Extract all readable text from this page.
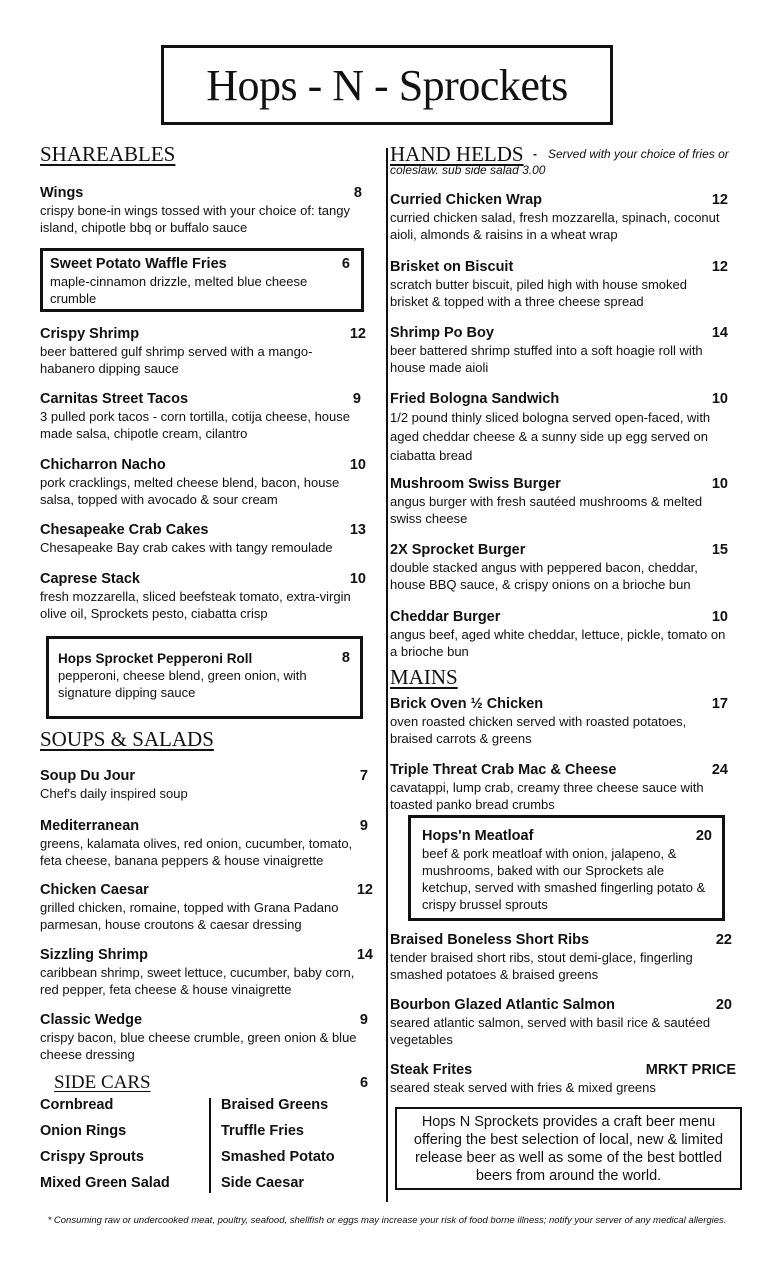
Hops - N - Sprockets
SHAREABLES
Wings	8
crispy bone-in wings tossed with your choice of: tangy island, chipotle bbq or buffalo sauce
Sweet Potato Waffle Fries	6
maple-cinnamon drizzle, melted blue cheese crumble
Crispy Shrimp	12
beer battered gulf shrimp served with a mango-habanero dipping sauce
Carnitas Street Tacos	9
3 pulled pork tacos - corn tortilla, cotija cheese, house made salsa, chipotle cream, cilantro
Chicharron Nacho	10
pork cracklings, melted cheese blend, bacon, house salsa, topped with avocado & sour cream
Chesapeake Crab Cakes	13
Chesapeake Bay crab cakes with tangy remoulade
Caprese Stack	10
fresh mozzarella, sliced beefsteak tomato, extra-virgin olive oil, Sprockets pesto, ciabatta crisp
Hops Sprocket Pepperoni Roll	8
pepperoni, cheese blend, green onion, with signature dipping sauce
SOUPS & SALADS
Soup Du Jour	7
Chef's daily inspired soup
Mediterranean	9
greens, kalamata olives, red onion, cucumber, tomato, feta cheese, banana peppers & house vinaigrette
Chicken Caesar	12
grilled chicken, romaine, topped with Grana Padano parmesan, house croutons & caesar dressing
Sizzling Shrimp	14
caribbean shrimp, sweet lettuce, cucumber, baby corn, red pepper, feta cheese & house vinaigrette
Classic Wedge	9
crispy bacon, blue cheese crumble, green onion & blue cheese dressing
SIDE CARS	6
Cornbread
Onion Rings
Crispy Sprouts
Mixed Green Salad
Braised Greens
Truffle Fries
Smashed Potato
Side Caesar
HAND HELDS - Served with your choice of fries or coleslaw. sub side salad 3.00
Curried Chicken Wrap	12
curried chicken salad, fresh mozzarella, spinach, coconut aioli, almonds & raisins in a wheat wrap
Brisket on Biscuit	12
scratch butter biscuit, piled high with house smoked brisket & topped with a three cheese spread
Shrimp Po Boy	14
beer battered shrimp stuffed into a soft hoagie roll with house made aioli
Fried Bologna Sandwich	10
1/2 pound thinly sliced bologna served open-faced, with aged cheddar cheese & a sunny side up egg served on ciabatta bread
Mushroom Swiss Burger	10
angus burger with fresh sautéed mushrooms & melted swiss cheese
2X Sprocket Burger	15
double stacked angus with peppered bacon, cheddar, house BBQ sauce, & crispy onions on a brioche bun
Cheddar Burger	10
angus beef, aged white cheddar, lettuce, pickle, tomato on a brioche bun
MAINS
Brick Oven ½ Chicken	17
oven roasted chicken served with roasted potatoes, braised carrots & greens
Triple Threat Crab Mac & Cheese	24
cavatappi, lump crab, creamy three cheese sauce with toasted panko bread crumbs
Hops'n Meatloaf	20
beef & pork meatloaf with onion, jalapeno, & mushrooms, baked with our Sprockets ale ketchup, served with smashed fingerling potato & crispy brussel sprouts
Braised Boneless Short Ribs	22
tender braised short ribs, stout demi-glace, fingerling smashed potatoes & braised greens
Bourbon Glazed Atlantic Salmon	20
seared atlantic salmon, served with basil rice & sautéed vegetables
Steak Frites	MRKT PRICE
seared steak served with fries & mixed greens
Hops N Sprockets provides a craft beer menu offering the best selection of local, new & limited release beer as well as some of the best bottled beers from around the world.
* Consuming raw or undercooked meat, poultry, seafood, shellfish or eggs may increase your risk of food borne illness; notify your server of any medical allergies.
